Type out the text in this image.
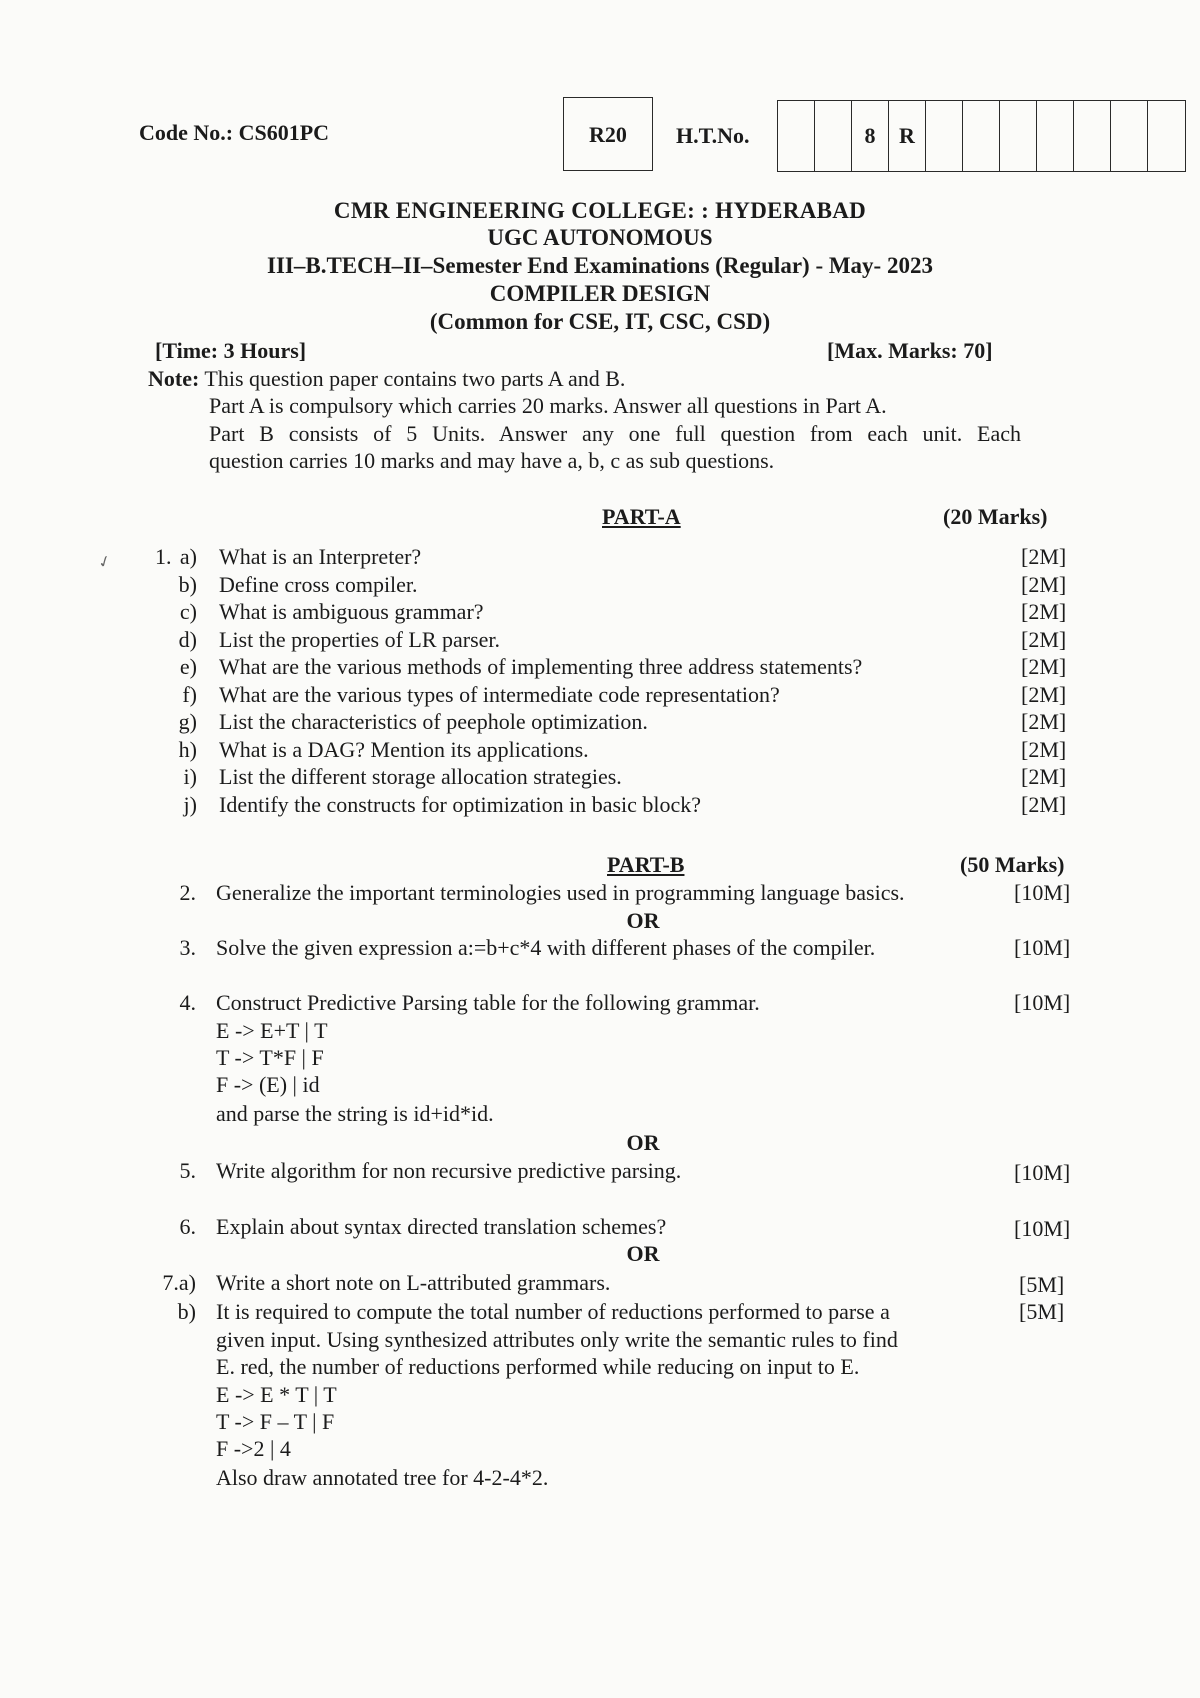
Code No.: CS601PC	R20	H.T.No.	8	R
CMR ENGINEERING COLLEGE: : HYDERABAD
UGC AUTONOMOUS
III–B.TECH–II–Semester End Examinations (Regular) - May- 2023
COMPILER DESIGN
(Common for CSE, IT, CSC, CSD)
[Time: 3 Hours]	[Max. Marks: 70]
Note: This question paper contains two parts A and B.
Part A is compulsory which carries 20 marks. Answer all questions in Part A.
Part B consists of 5 Units. Answer any one full question from each unit. Each
question carries 10 marks and may have a, b, c as sub questions.
PART-A	(20 Marks)
✓ 1. a) What is an Interpreter?	[2M]
b) Define cross compiler.	[2M]
c) What is ambiguous grammar?	[2M]
d) List the properties of LR parser.	[2M]
e) What are the various methods of implementing three address statements?	[2M]
f) What are the various types of intermediate code representation?	[2M]
g) List the characteristics of peephole optimization.	[2M]
h) What is a DAG? Mention its applications.	[2M]
i) List the different storage allocation strategies.	[2M]
j) Identify the constructs for optimization in basic block?	[2M]
PART-B	(50 Marks)
2. Generalize the important terminologies used in programming language basics.	[10M]
OR
3. Solve the given expression a:=b+c*4 with different phases of the compiler.	[10M]
4. Construct Predictive Parsing table for the following grammar.	[10M]
E -> E+T | T
T -> T*F | F
F -> (E) | id
and parse the string is id+id*id.
OR
5. Write algorithm for non recursive predictive parsing.	[10M]
6. Explain about syntax directed translation schemes?	[10M]
OR
7.a) Write a short note on L-attributed grammars.	[5M]
b) It is required to compute the total number of reductions performed to parse a	[5M]
given input. Using synthesized attributes only write the semantic rules to find
E. red, the number of reductions performed while reducing on input to E.
E -> E * T | T
T -> F – T | F
F ->2 | 4
Also draw annotated tree for 4-2-4*2.
